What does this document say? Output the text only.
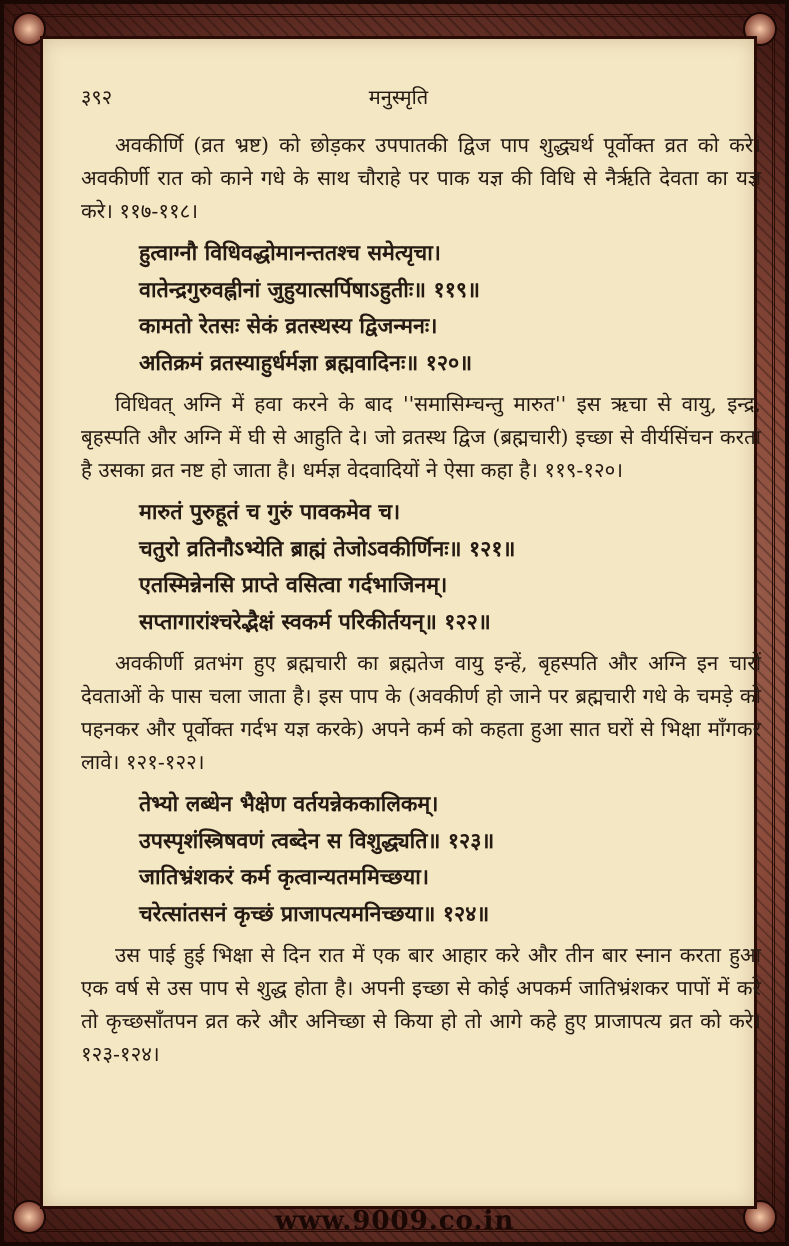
३९२	मनुस्मृति

अवकीर्णि (व्रत भ्रष्ट) को छोड़कर उपपातकी द्विज पाप शुद्ध्यर्थ पूर्वोक्त व्रत को करे। अवकीर्णी रात को काने गधे के साथ चौराहे पर पाक यज्ञ की विधि से नैर्ऋति देवता का यज्ञ करे। ११७-११८।

हुत्वाग्नौ विधिवद्धोमानन्ततश्च समेत्यृचा।
वातेन्द्रगुरुवह्नीनां जुहुयात्सर्पिषाऽहुतीः॥ ११९॥
कामतो रेतसः सेकं व्रतस्थस्य द्विजन्मनः।
अतिक्रमं व्रतस्याहुर्धर्मज्ञा ब्रह्मवादिनः॥ १२०॥

विधिवत् अग्नि में हवा करने के बाद ''समासिम्चन्तु मारुत'' इस ऋचा से वायु, इन्द्र, बृहस्पति और अग्नि में घी से आहुति दे। जो व्रतस्थ द्विज (ब्रह्मचारी) इच्छा से वीर्यसिंचन करता है उसका व्रत नष्ट हो जाता है। धर्मज्ञ वेदवादियों ने ऐसा कहा है। ११९-१२०।

मारुतं पुरुहूतं च गुरुं पावकमेव च।
चतुरो व्रतिनौऽभ्येति ब्राह्मं तेजोऽवकीर्णिनः॥ १२१॥
एतस्मिन्नेनसि प्राप्ते वसित्वा गर्दभाजिनम्।
सप्तागारांश्चरेद्भैक्षं स्वकर्म परिकीर्तयन्॥ १२२॥

अवकीर्णी व्रतभंग हुए ब्रह्मचारी का ब्रह्मतेज वायु इन्हें, बृहस्पति और अग्नि इन चारों देवताओं के पास चला जाता है। इस पाप के (अवकीर्ण हो जाने पर ब्रह्मचारी गधे के चमड़े को पहनकर और पूर्वोक्त गर्दभ यज्ञ करके) अपने कर्म को कहता हुआ सात घरों से भिक्षा माँगकर लावे। १२१-१२२।

तेभ्यो लब्धेन भैक्षेण वर्तयन्नेककालिकम्।
उपस्पृशंस्त्रिषवणं त्वब्देन स विशुद्ध्यति॥ १२३॥
जातिभ्रंशकरं कर्म कृत्वान्यतममिच्छया।
चरेत्सांतसनं कृच्छं प्राजापत्यमनिच्छया॥ १२४॥

उस पाई हुई भिक्षा से दिन रात में एक बार आहार करे और तीन बार स्नान करता हुआ एक वर्ष से उस पाप से शुद्ध होता है। अपनी इच्छा से कोई अपकर्म जातिभ्रंशकर पापों में करे तो कृच्छसाँतपन व्रत करे और अनिच्छा से किया हो तो आगे कहे हुए प्राजापत्य व्रत को करे। १२३-१२४।

www.9009.co.in
